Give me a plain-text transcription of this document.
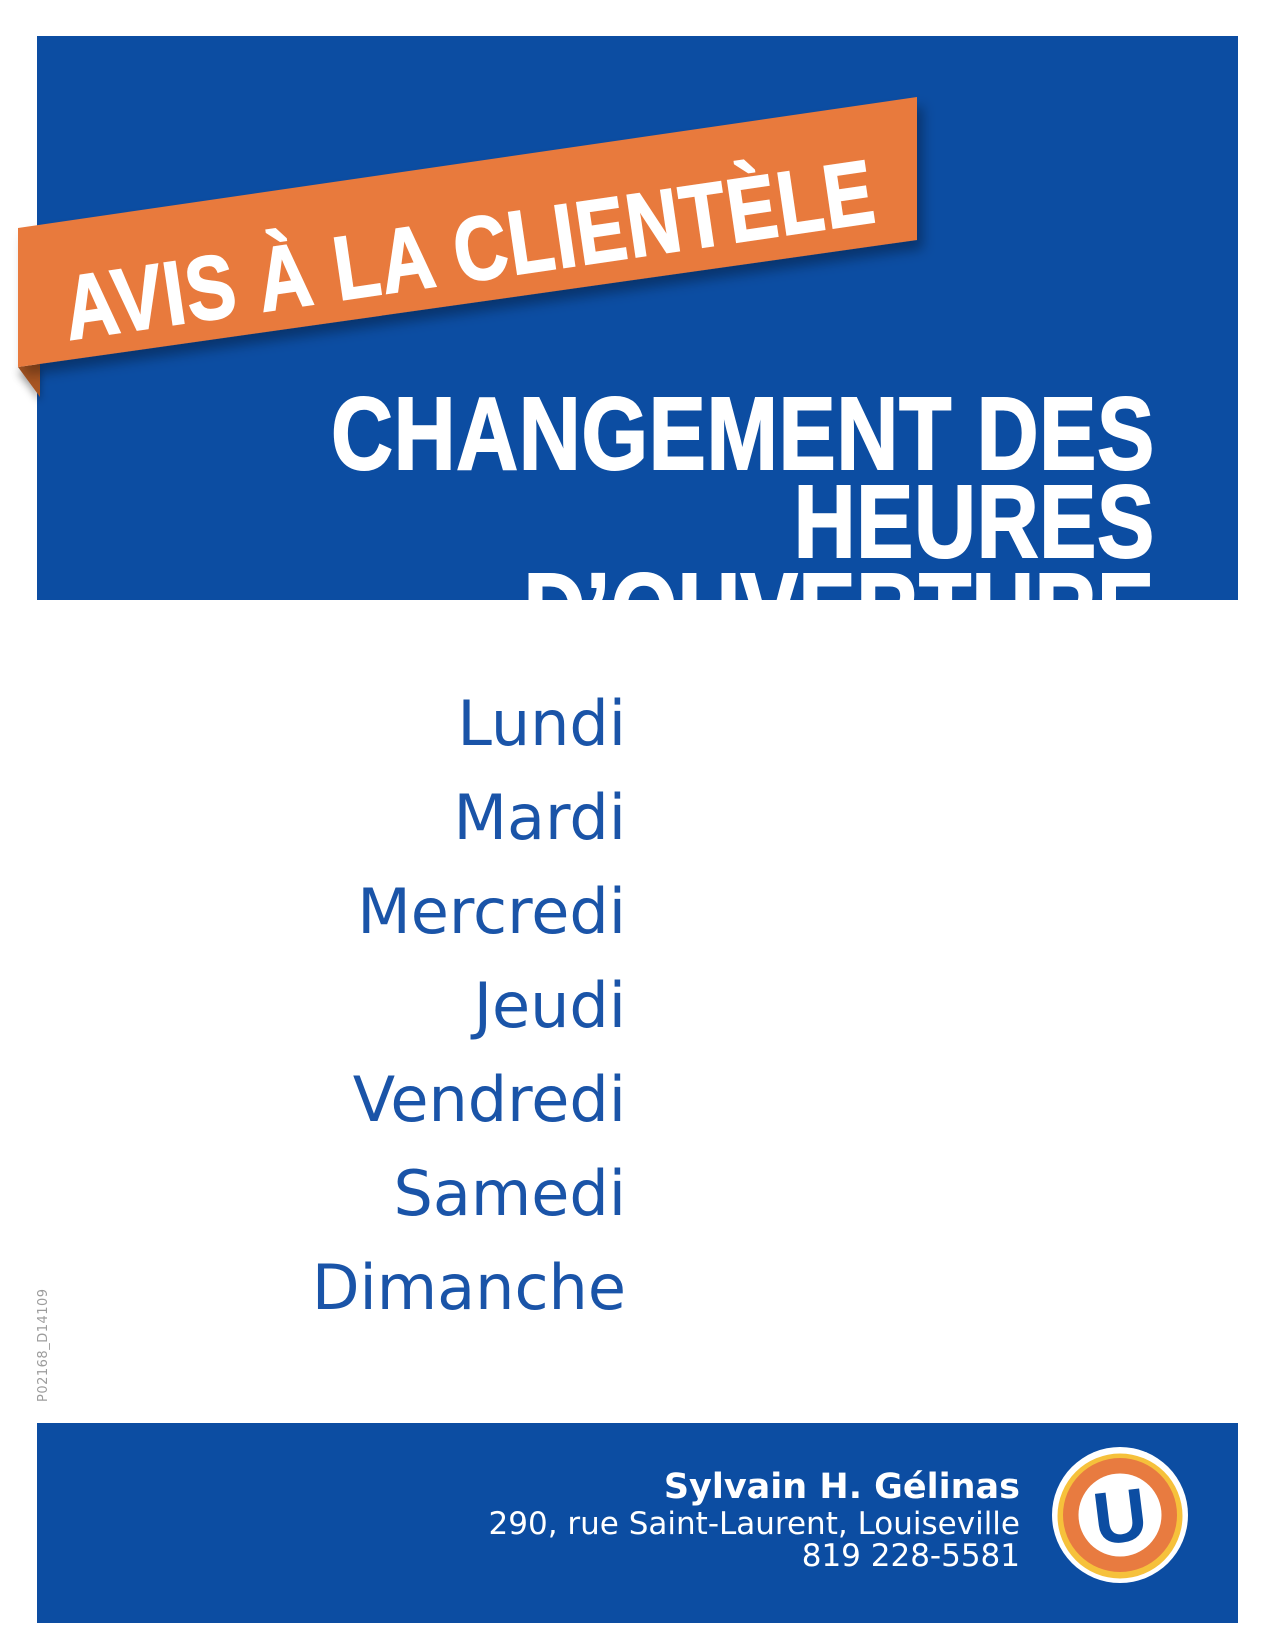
CHANGEMENT DES
HEURES D’OUVERTURE
AVIS À LA CLIENTÈLE
Lundi
Mardi
Mercredi
Jeudi
Vendredi
Samedi
Dimanche
P02168_D14109
Sylvain H. Gélinas
290, rue Saint-Laurent, Louiseville
819 228-5581 U
